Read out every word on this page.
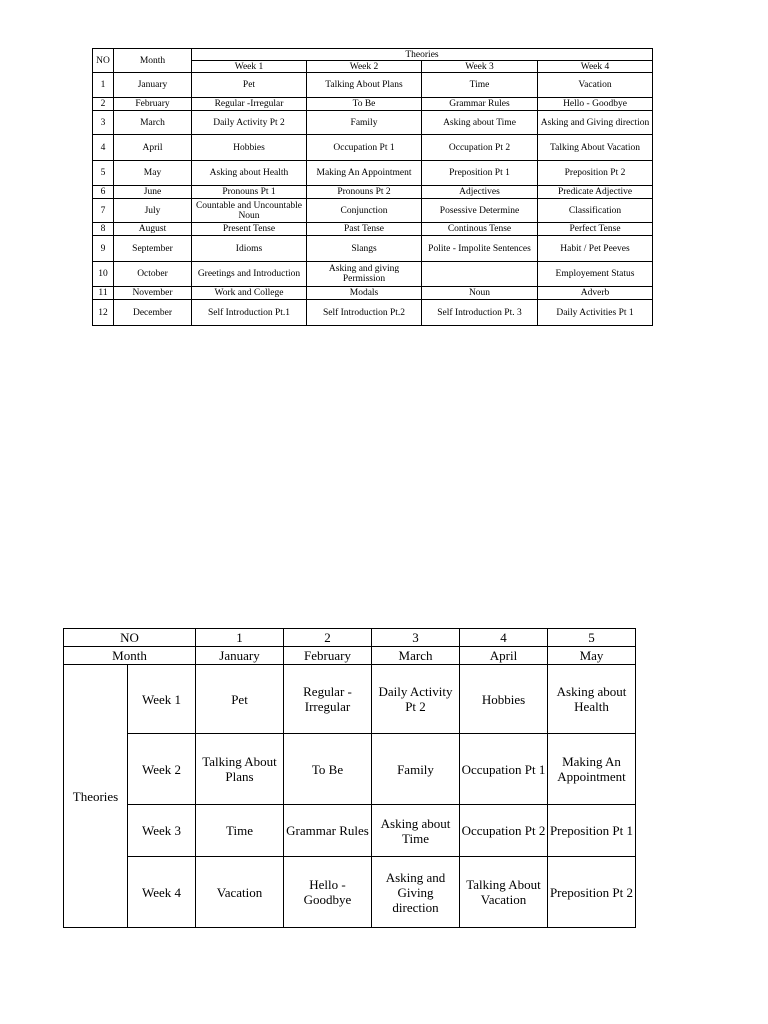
NO	Month	Theories			
		Week 1	Week 2	Week 3	Week 4
1	January	Pet	Talking About Plans	Time	Vacation
2	February	Regular -Irregular	To Be	Grammar Rules	Hello - Goodbye
3	March	Daily Activity Pt 2	Family	Asking about Time	Asking and Giving direction
4	April	Hobbies	Occupation Pt 1	Occupation Pt 2	Talking About Vacation
5	May	Asking about Health	Making An Appointment	Preposition Pt 1	Preposition Pt 2
6	June	Pronouns Pt 1	Pronouns Pt 2	Adjectives	Predicate Adjective
7	July	Countable and Uncountable Noun	Conjunction	Posessive Determine	Classification
8	August	Present Tense	Past Tense	Continous Tense	Perfect Tense
9	September	Idioms	Slangs	Polite - Impolite Sentences	Habit / Pet Peeves
10	October	Greetings and Introduction	Asking and giving Permission		Employement Status
11	November	Work and College	Modals	Noun	Adverb
12	December	Self Introduction Pt.1	Self Introduction Pt.2	Self Introduction Pt. 3	Daily Activities Pt 1
NO		1	2	3	4	5
Month		January	February	March	April	May
Theories	Week 1	Pet	Regular - Irregular	Daily Activity Pt 2	Hobbies	Asking about Health
	Week 2	Talking About Plans	To Be	Family	Occupation Pt 1	Making An Appointment
	Week 3	Time	Grammar Rules	Asking about Time	Occupation Pt 2	Preposition Pt 1
	Week 4	Vacation	Hello - Goodbye	Asking and Giving direction	Talking About Vacation	Preposition Pt 2
